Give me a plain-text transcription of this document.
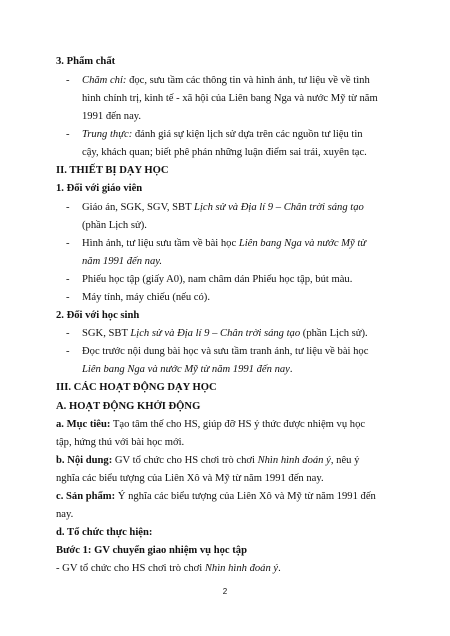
3. Phẩm chất
- Chăm chỉ: đọc, sưu tầm các thông tin và hình ảnh, tư liệu về về tình
hình chính trị, kinh tế - xã hội của Liên bang Nga và nước Mỹ từ năm
1991 đến nay.
- Trung thực: đánh giá sự kiện lịch sử dựa trên các nguồn tư liệu tin
cậy, khách quan; biết phê phán những luận điểm sai trái, xuyên tạc.
II. THIẾT BỊ DẠY HỌC
1. Đối với giáo viên
- Giáo án, SGK, SGV, SBT Lịch sử và Địa lí 9 – Chân trời sáng tạo
(phần Lịch sử).
- Hình ảnh, tư liệu sưu tầm về bài học Liên bang Nga và nước Mỹ từ
năm 1991 đến nay.
- Phiếu học tập (giấy A0), nam châm dán Phiếu học tập, bút màu.
- Máy tính, máy chiếu (nếu có).
2. Đối với học sinh
- SGK, SBT Lịch sử và Địa lí 9 – Chân trời sáng tạo (phần Lịch sử).
- Đọc trước nội dung bài học và sưu tầm tranh ảnh, tư liệu về bài học
Liên bang Nga và nước Mỹ từ năm 1991 đến nay.
III. CÁC HOẠT ĐỘNG DẠY HỌC
A. HOẠT ĐỘNG KHỞI ĐỘNG
a. Mục tiêu: Tạo tâm thế cho HS, giúp đỡ HS ý thức được nhiệm vụ học
tập, hứng thú với bài học mới.
b. Nội dung: GV tổ chức cho HS chơi trò chơi Nhìn hình đoán ý, nêu ý
nghĩa các biểu tượng của Liên Xô và Mỹ từ năm 1991 đến nay.
c. Sản phẩm: Ý nghĩa các biểu tượng của Liên Xô và Mỹ từ năm 1991 đến
nay.
d. Tổ chức thực hiện:
Bước 1: GV chuyển giao nhiệm vụ học tập
- GV tổ chức cho HS chơi trò chơi Nhìn hình đoán ý.
2
